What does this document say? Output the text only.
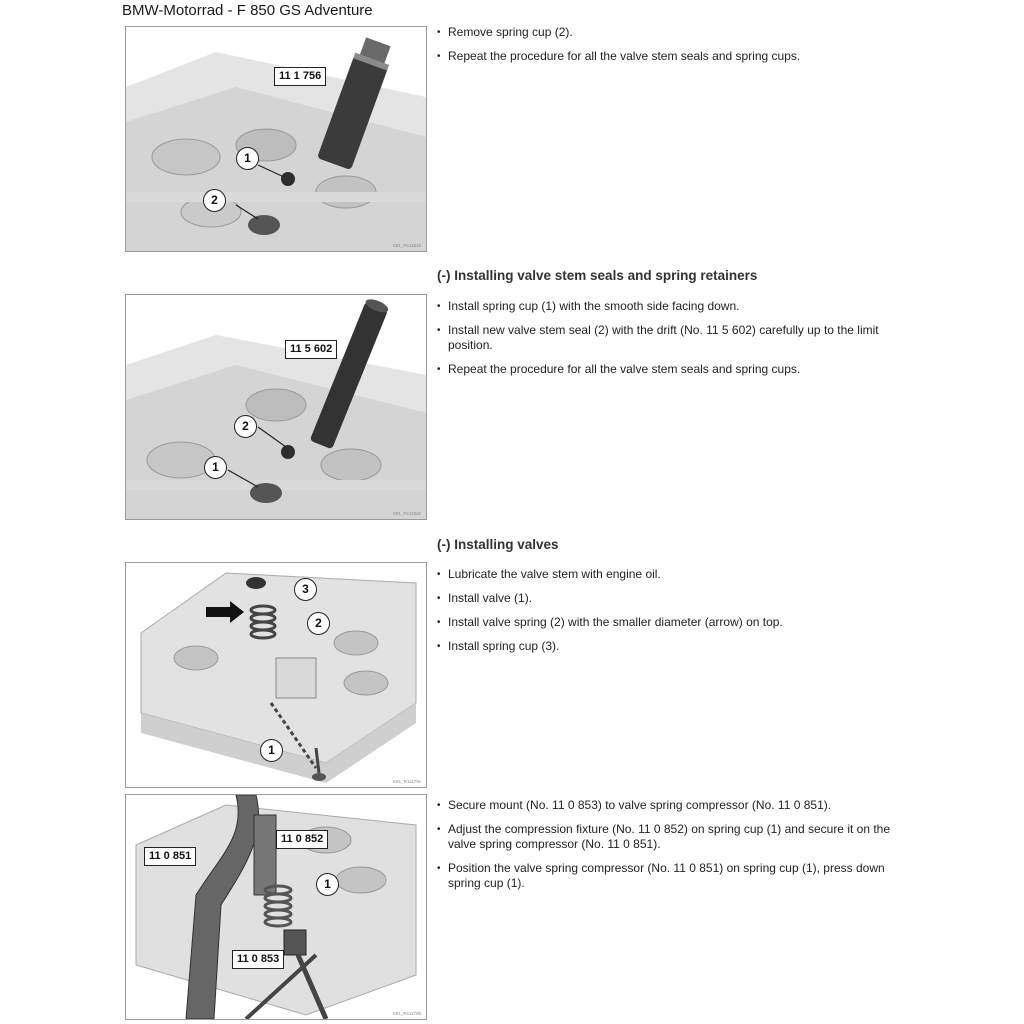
BMW-Motorrad - F 850 GS Adventure
11 1 756
1
2
K81_R11181b
• Remove spring cup (2).
• Repeat the procedure for all the valve stem seals and spring cups.
(-) Installing valve stem seals and spring retainers
11 5 602
2
1
K81_R11182b
• Install spring cup (1) with the smooth side facing down.
• Install new valve stem seal (2) with the drift (No. 11 5 602) carefully up to the limit position.
• Repeat the procedure for all the valve stem seals and spring cups.
(-) Installing valves
3
2
1
K81_R11179c
• Lubricate the valve stem with engine oil.
• Install valve (1).
• Install valve spring (2) with the smaller diameter (arrow) on top.
• Install spring cup (3).
11 0 851
11 0 852
11 0 853
1
K81_R11179b
• Secure mount (No. 11 0 853) to valve spring compressor (No. 11 0 851).
• Adjust the compression fixture (No. 11 0 852) on spring cup (1) and secure it on the valve spring compressor (No. 11 0 851).
• Position the valve spring compressor (No. 11 0 851) on spring cup (1), press down spring cup (1).
